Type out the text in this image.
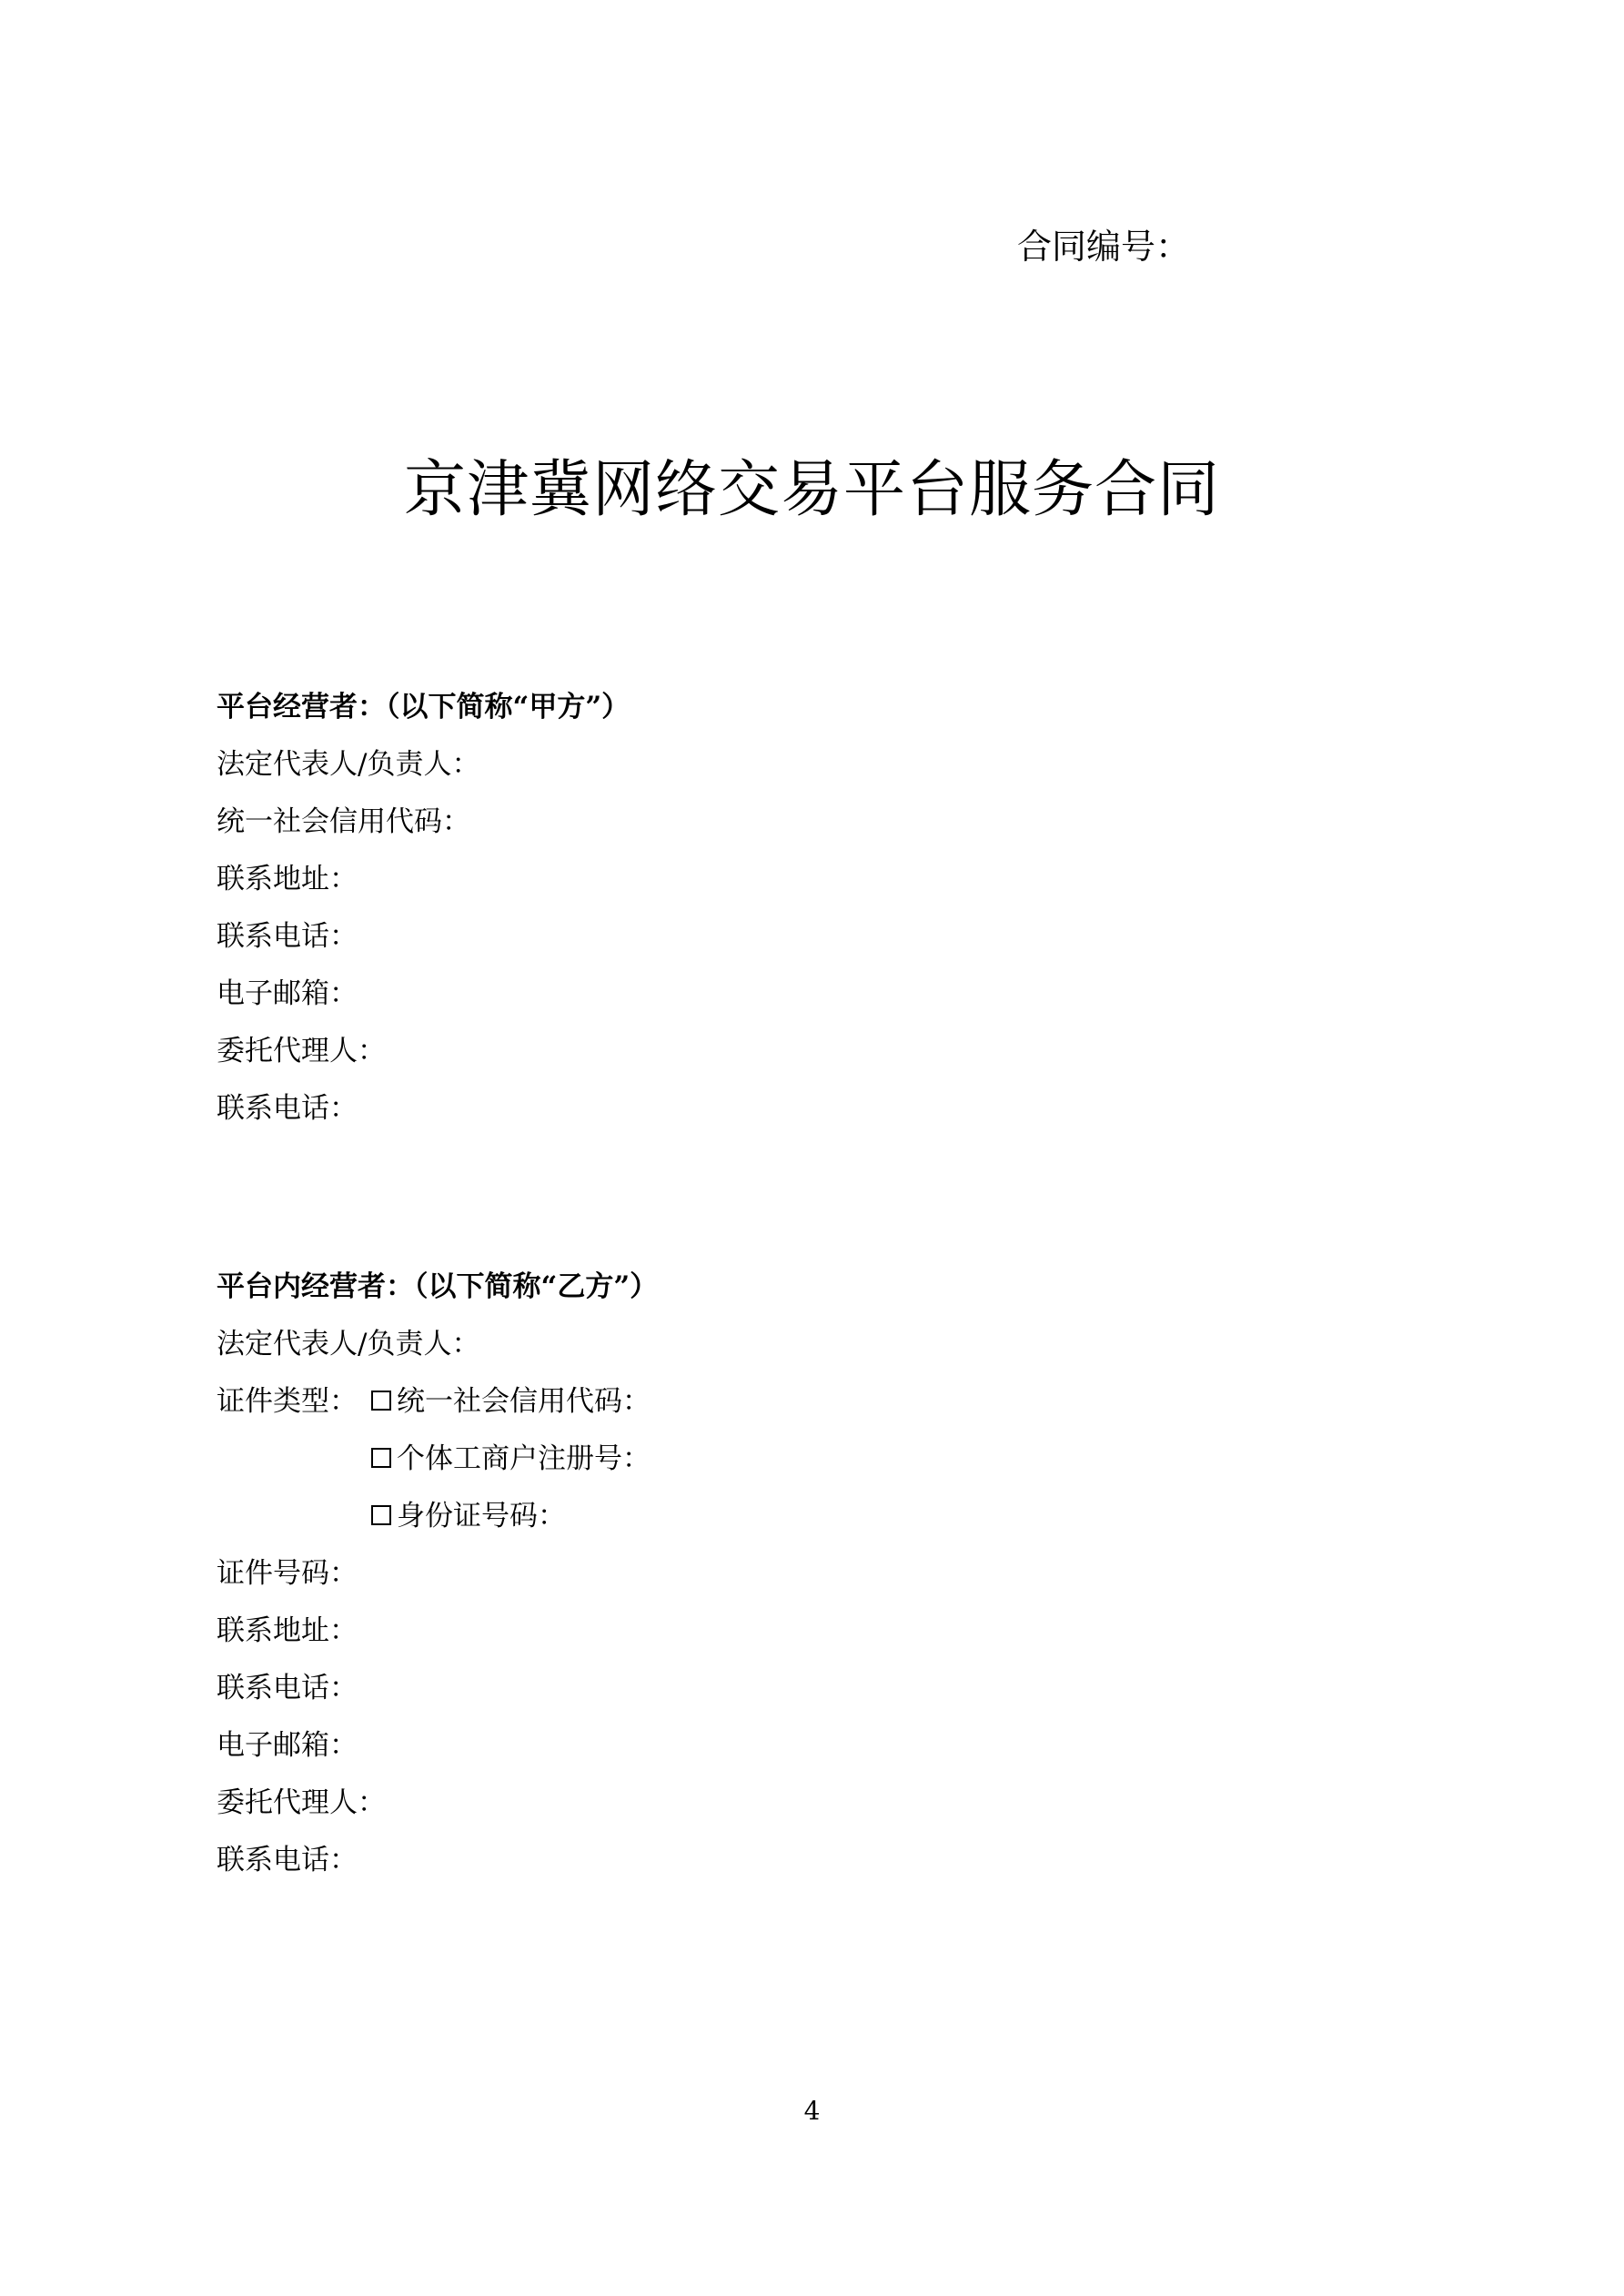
合同编号：
京津冀网络交易平台服务合同
平台经营者：（以下简称“甲方”）
法定代表人/负责人：
统一社会信用代码：
联系地址：
联系电话：
电子邮箱：
委托代理人：
联系电话：
平台内经营者：（以下简称“乙方”）
法定代表人/负责人：
证件类型：	统一社会信用代码：
个体工商户注册号：
身份证号码：
证件号码：
联系地址：
联系电话：
电子邮箱：
委托代理人：
联系电话：
4
